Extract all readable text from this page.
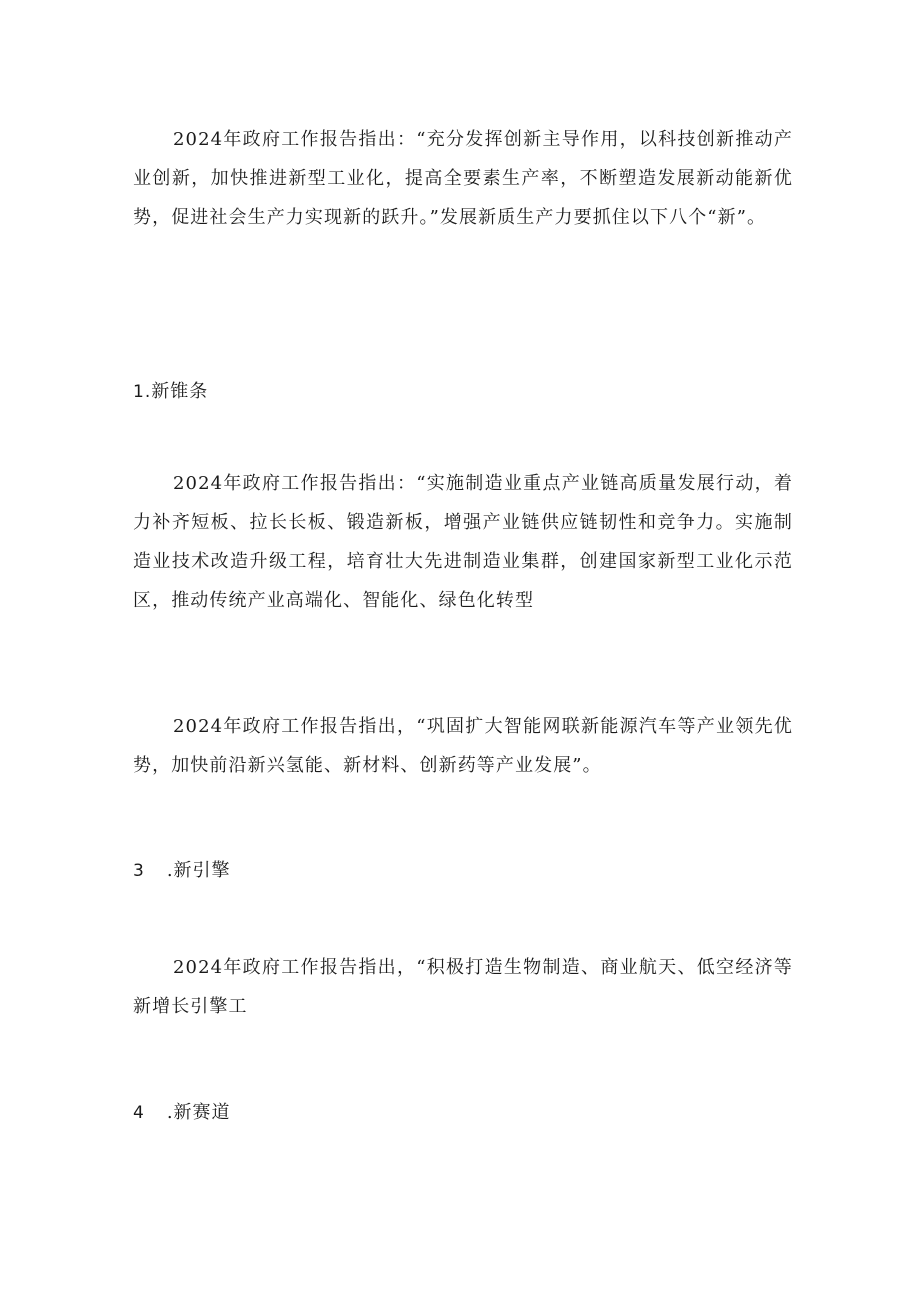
2024年政府工作报告指出：“充分发挥创新主导作用，以科技创新推动产业创新，加快推进新型工业化，提高全要素生产率，不断塑造发展新动能新优势，促进社会生产力实现新的跃升。”发展新质生产力要抓住以下八个“新”。

1.新锥条

2024年政府工作报告指出：“实施制造业重点产业链高质量发展行动，着力补齐短板、拉长长板、锻造新板，增强产业链供应链韧性和竞争力。实施制造业技术改造升级工程，培育壮大先进制造业集群，创建国家新型工业化示范区，推动传统产业高端化、智能化、绿色化转型

2024年政府工作报告指出，“巩固扩大智能网联新能源汽车等产业领先优势，加快前沿新兴氢能、新材料、创新药等产业发展”。

3 .新引擎

2024年政府工作报告指出，“积极打造生物制造、商业航天、低空经济等新增长引擎工

4 .新赛道
